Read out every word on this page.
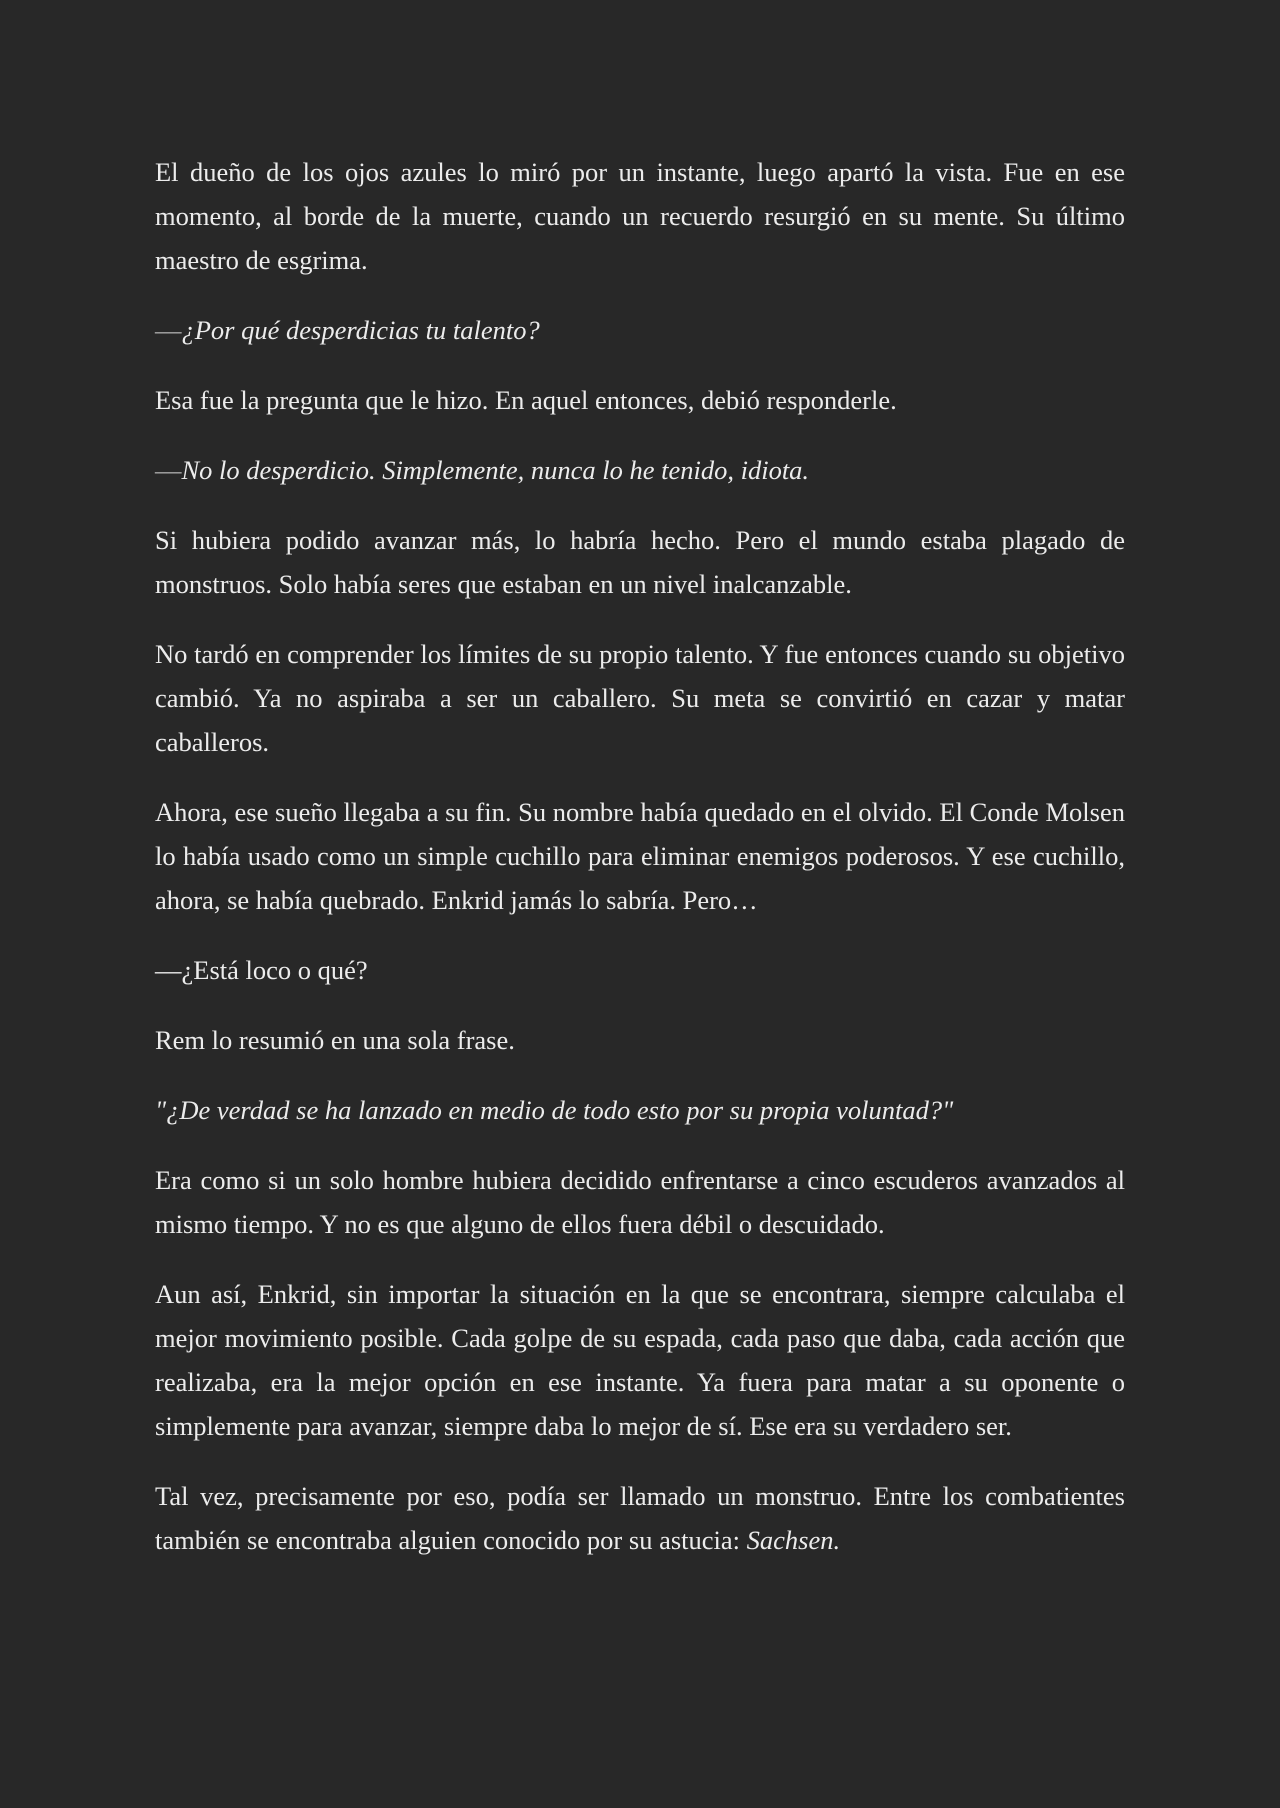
El dueño de los ojos azules lo miró por un instante, luego apartó la vista. Fue en ese momento, al borde de la muerte, cuando un recuerdo resurgió en su mente. Su último maestro de esgrima.

—¿Por qué desperdicias tu talento?

Esa fue la pregunta que le hizo. En aquel entonces, debió responderle.

—No lo desperdicio. Simplemente, nunca lo he tenido, idiota.

Si hubiera podido avanzar más, lo habría hecho. Pero el mundo estaba plagado de monstruos. Solo había seres que estaban en un nivel inalcanzable.

No tardó en comprender los límites de su propio talento. Y fue entonces cuando su objetivo cambió. Ya no aspiraba a ser un caballero. Su meta se convirtió en cazar y matar caballeros.

Ahora, ese sueño llegaba a su fin. Su nombre había quedado en el olvido. El Conde Molsen lo había usado como un simple cuchillo para eliminar enemigos poderosos. Y ese cuchillo, ahora, se había quebrado. Enkrid jamás lo sabría. Pero…

—¿Está loco o qué?

Rem lo resumió en una sola frase.

"¿De verdad se ha lanzado en medio de todo esto por su propia voluntad?"

Era como si un solo hombre hubiera decidido enfrentarse a cinco escuderos avanzados al mismo tiempo. Y no es que alguno de ellos fuera débil o descuidado.

Aun así, Enkrid, sin importar la situación en la que se encontrara, siempre calculaba el mejor movimiento posible. Cada golpe de su espada, cada paso que daba, cada acción que realizaba, era la mejor opción en ese instante. Ya fuera para matar a su oponente o simplemente para avanzar, siempre daba lo mejor de sí. Ese era su verdadero ser.

Tal vez, precisamente por eso, podía ser llamado un monstruo. Entre los combatientes también se encontraba alguien conocido por su astucia: Sachsen.
